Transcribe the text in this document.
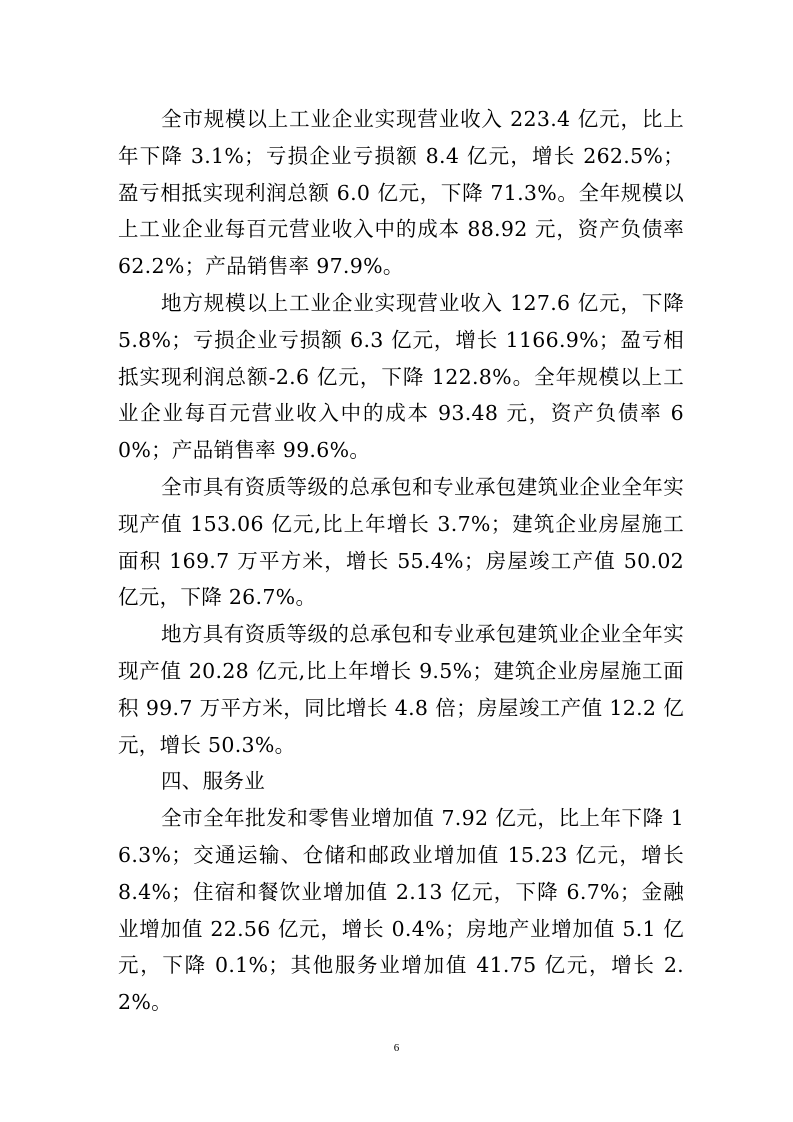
全市规模以上工业企业实现营业收入 223.4 亿元，比上年下降 3.1%；亏损企业亏损额 8.4 亿元，增长 262.5%；盈亏相抵实现利润总额 6.0 亿元，下降 71.3%。全年规模以上工业企业每百元营业收入中的成本 88.92 元，资产负债率 62.2%；产品销售率 97.9%。

地方规模以上工业企业实现营业收入 127.6 亿元，下降 5.8%；亏损企业亏损额 6.3 亿元，增长 1166.9%；盈亏相抵实现利润总额-2.6 亿元，下降 122.8%。全年规模以上工业企业每百元营业收入中的成本 93.48 元，资产负债率 60%；产品销售率 99.6%。

全市具有资质等级的总承包和专业承包建筑业企业全年实现产值 153.06 亿元,比上年增长 3.7%；建筑企业房屋施工面积 169.7 万平方米，增长 55.4%；房屋竣工产值 50.02 亿元，下降 26.7%。

地方具有资质等级的总承包和专业承包建筑业企业全年实现产值 20.28 亿元,比上年增长 9.5%；建筑企业房屋施工面积 99.7 万平方米，同比增长 4.8 倍；房屋竣工产值 12.2 亿元，增长 50.3%。

四、服务业

全市全年批发和零售业增加值 7.92 亿元，比上年下降 16.3%；交通运输、仓储和邮政业增加值 15.23 亿元，增长 8.4%；住宿和餐饮业增加值 2.13 亿元，下降 6.7%；金融业增加值 22.56 亿元，增长 0.4%；房地产业增加值 5.1 亿元，下降 0.1%；其他服务业增加值 41.75 亿元，增长 2.2%。

6
